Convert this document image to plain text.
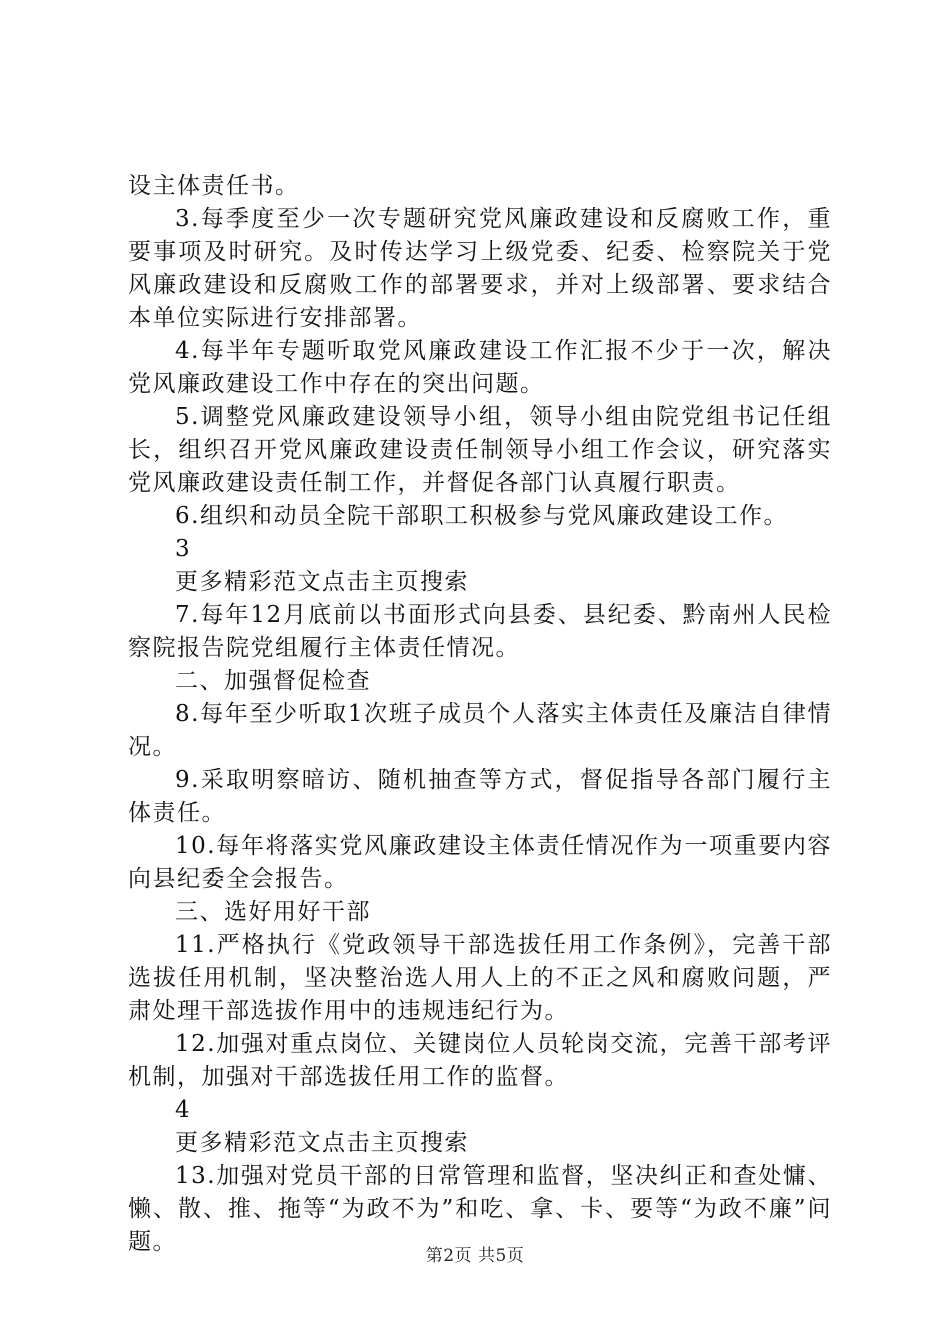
设主体责任书。

3.每季度至少一次专题研究党风廉政建设和反腐败工作，重要事项及时研究。及时传达学习上级党委、纪委、检察院关于党风廉政建设和反腐败工作的部署要求，并对上级部署、要求结合本单位实际进行安排部署。

4.每半年专题听取党风廉政建设工作汇报不少于一次，解决党风廉政建设工作中存在的突出问题。

5.调整党风廉政建设领导小组，领导小组由院党组书记任组长，组织召开党风廉政建设责任制领导小组工作会议，研究落实党风廉政建设责任制工作，并督促各部门认真履行职责。

6.组织和动员全院干部职工积极参与党风廉政建设工作。

3

更多精彩范文点击主页搜索

7.每年12月底前以书面形式向县委、县纪委、黔南州人民检察院报告院党组履行主体责任情况。

二、加强督促检查

8.每年至少听取1次班子成员个人落实主体责任及廉洁自律情况。

9.采取明察暗访、随机抽查等方式，督促指导各部门履行主体责任。

10.每年将落实党风廉政建设主体责任情况作为一项重要内容向县纪委全会报告。

三、选好用好干部

11.严格执行《党政领导干部选拔任用工作条例》，完善干部选拔任用机制，坚决整治选人用人上的不正之风和腐败问题，严肃处理干部选拔作用中的违规违纪行为。

12.加强对重点岗位、关键岗位人员轮岗交流，完善干部考评机制，加强对干部选拔任用工作的监督。

4

更多精彩范文点击主页搜索

13.加强对党员干部的日常管理和监督，坚决纠正和查处慵、懒、散、推、拖等“为政不为”和吃、拿、卡、要等“为政不廉”问题。

第2页 共5页
